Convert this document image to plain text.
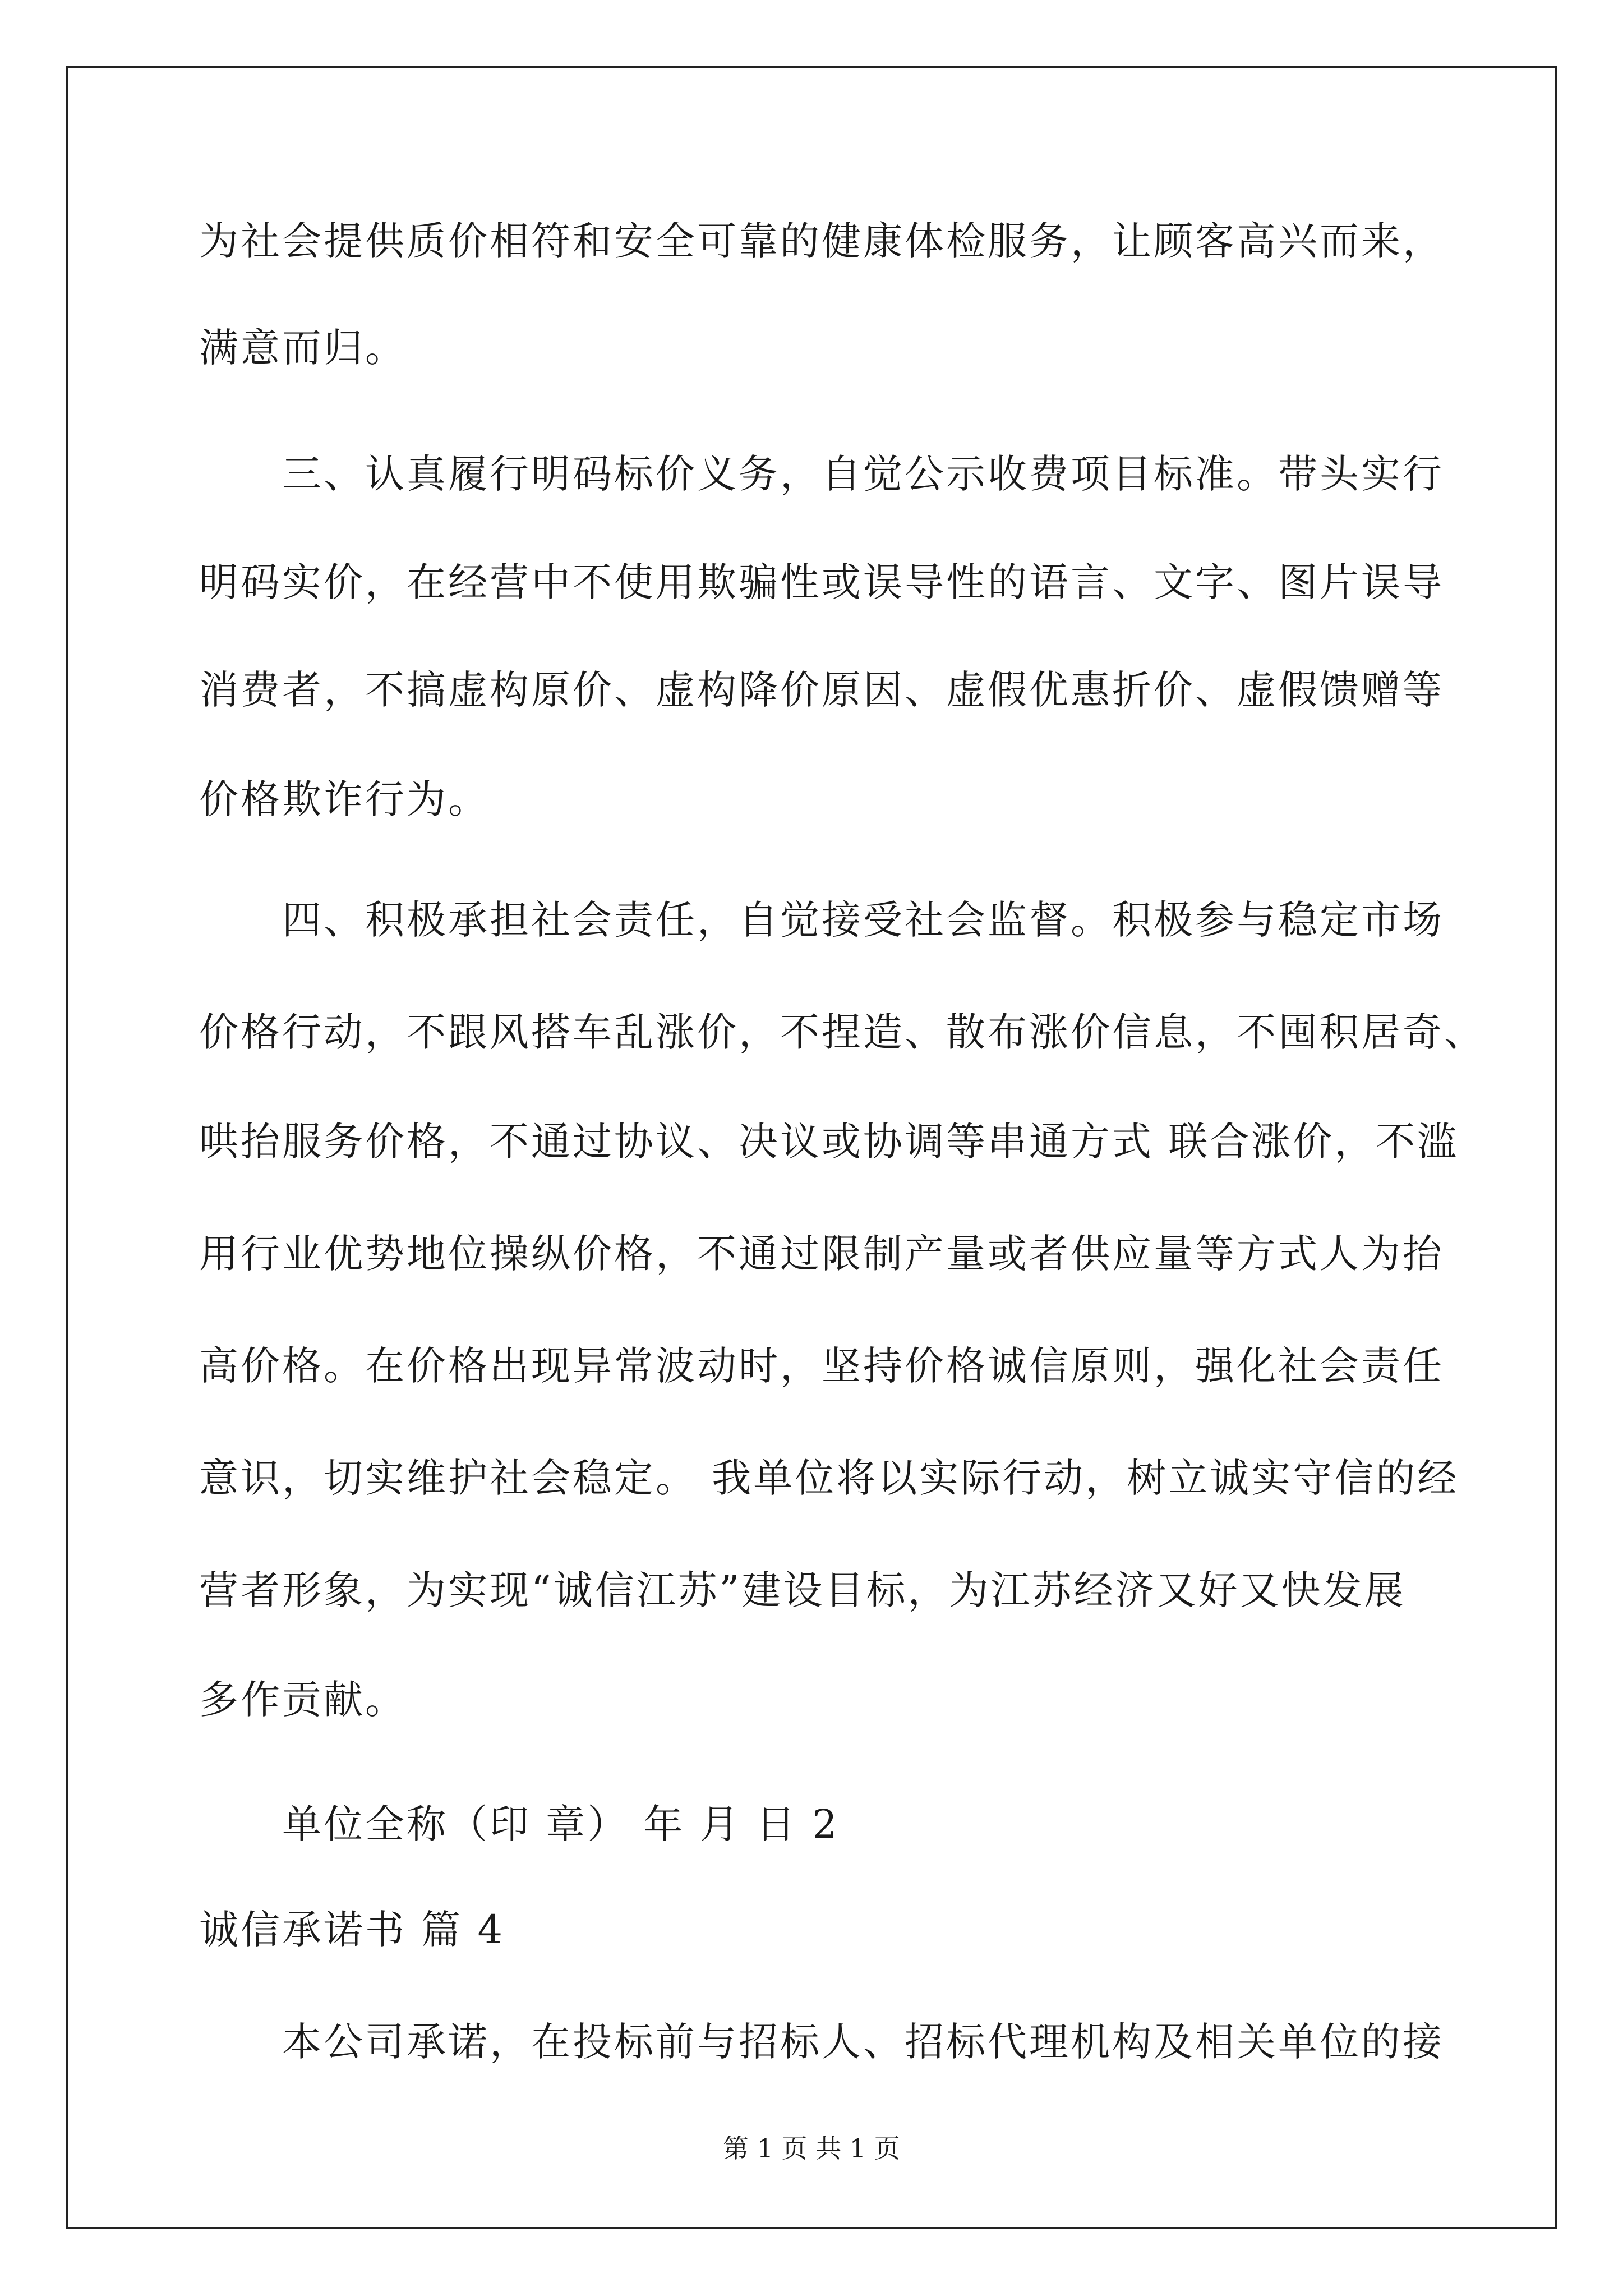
为社会提供质价相符和安全可靠的健康体检服务，让顾客高兴而来，
满意而归。
三、认真履行明码标价义务，自觉公示收费项目标准。带头实行
明码实价，在经营中不使用欺骗性或误导性的语言、文字、图片误导
消费者，不搞虚构原价、虚构降价原因、虚假优惠折价、虚假馈赠等
价格欺诈行为。
四、积极承担社会责任，自觉接受社会监督。积极参与稳定市场
价格行动，不跟风搭车乱涨价，不捏造、散布涨价信息，不囤积居奇、
哄抬服务价格，不通过协议、决议或协调等串通方式 联合涨价，不滥
用行业优势地位操纵价格，不通过限制产量或者供应量等方式人为抬
高价格。在价格出现异常波动时，坚持价格诚信原则，强化社会责任
意识，切实维护社会稳定。 我单位将以实际行动，树立诚实守信的经
营者形象，为实现“诚信江苏”建设目标，为江苏经济又好又快发展
多作贡献。
单位全称（印 章） 年 月 日 2
诚信承诺书 篇 4
本公司承诺，在投标前与招标人、招标代理机构及相关单位的接
第 1 页 共 1 页
